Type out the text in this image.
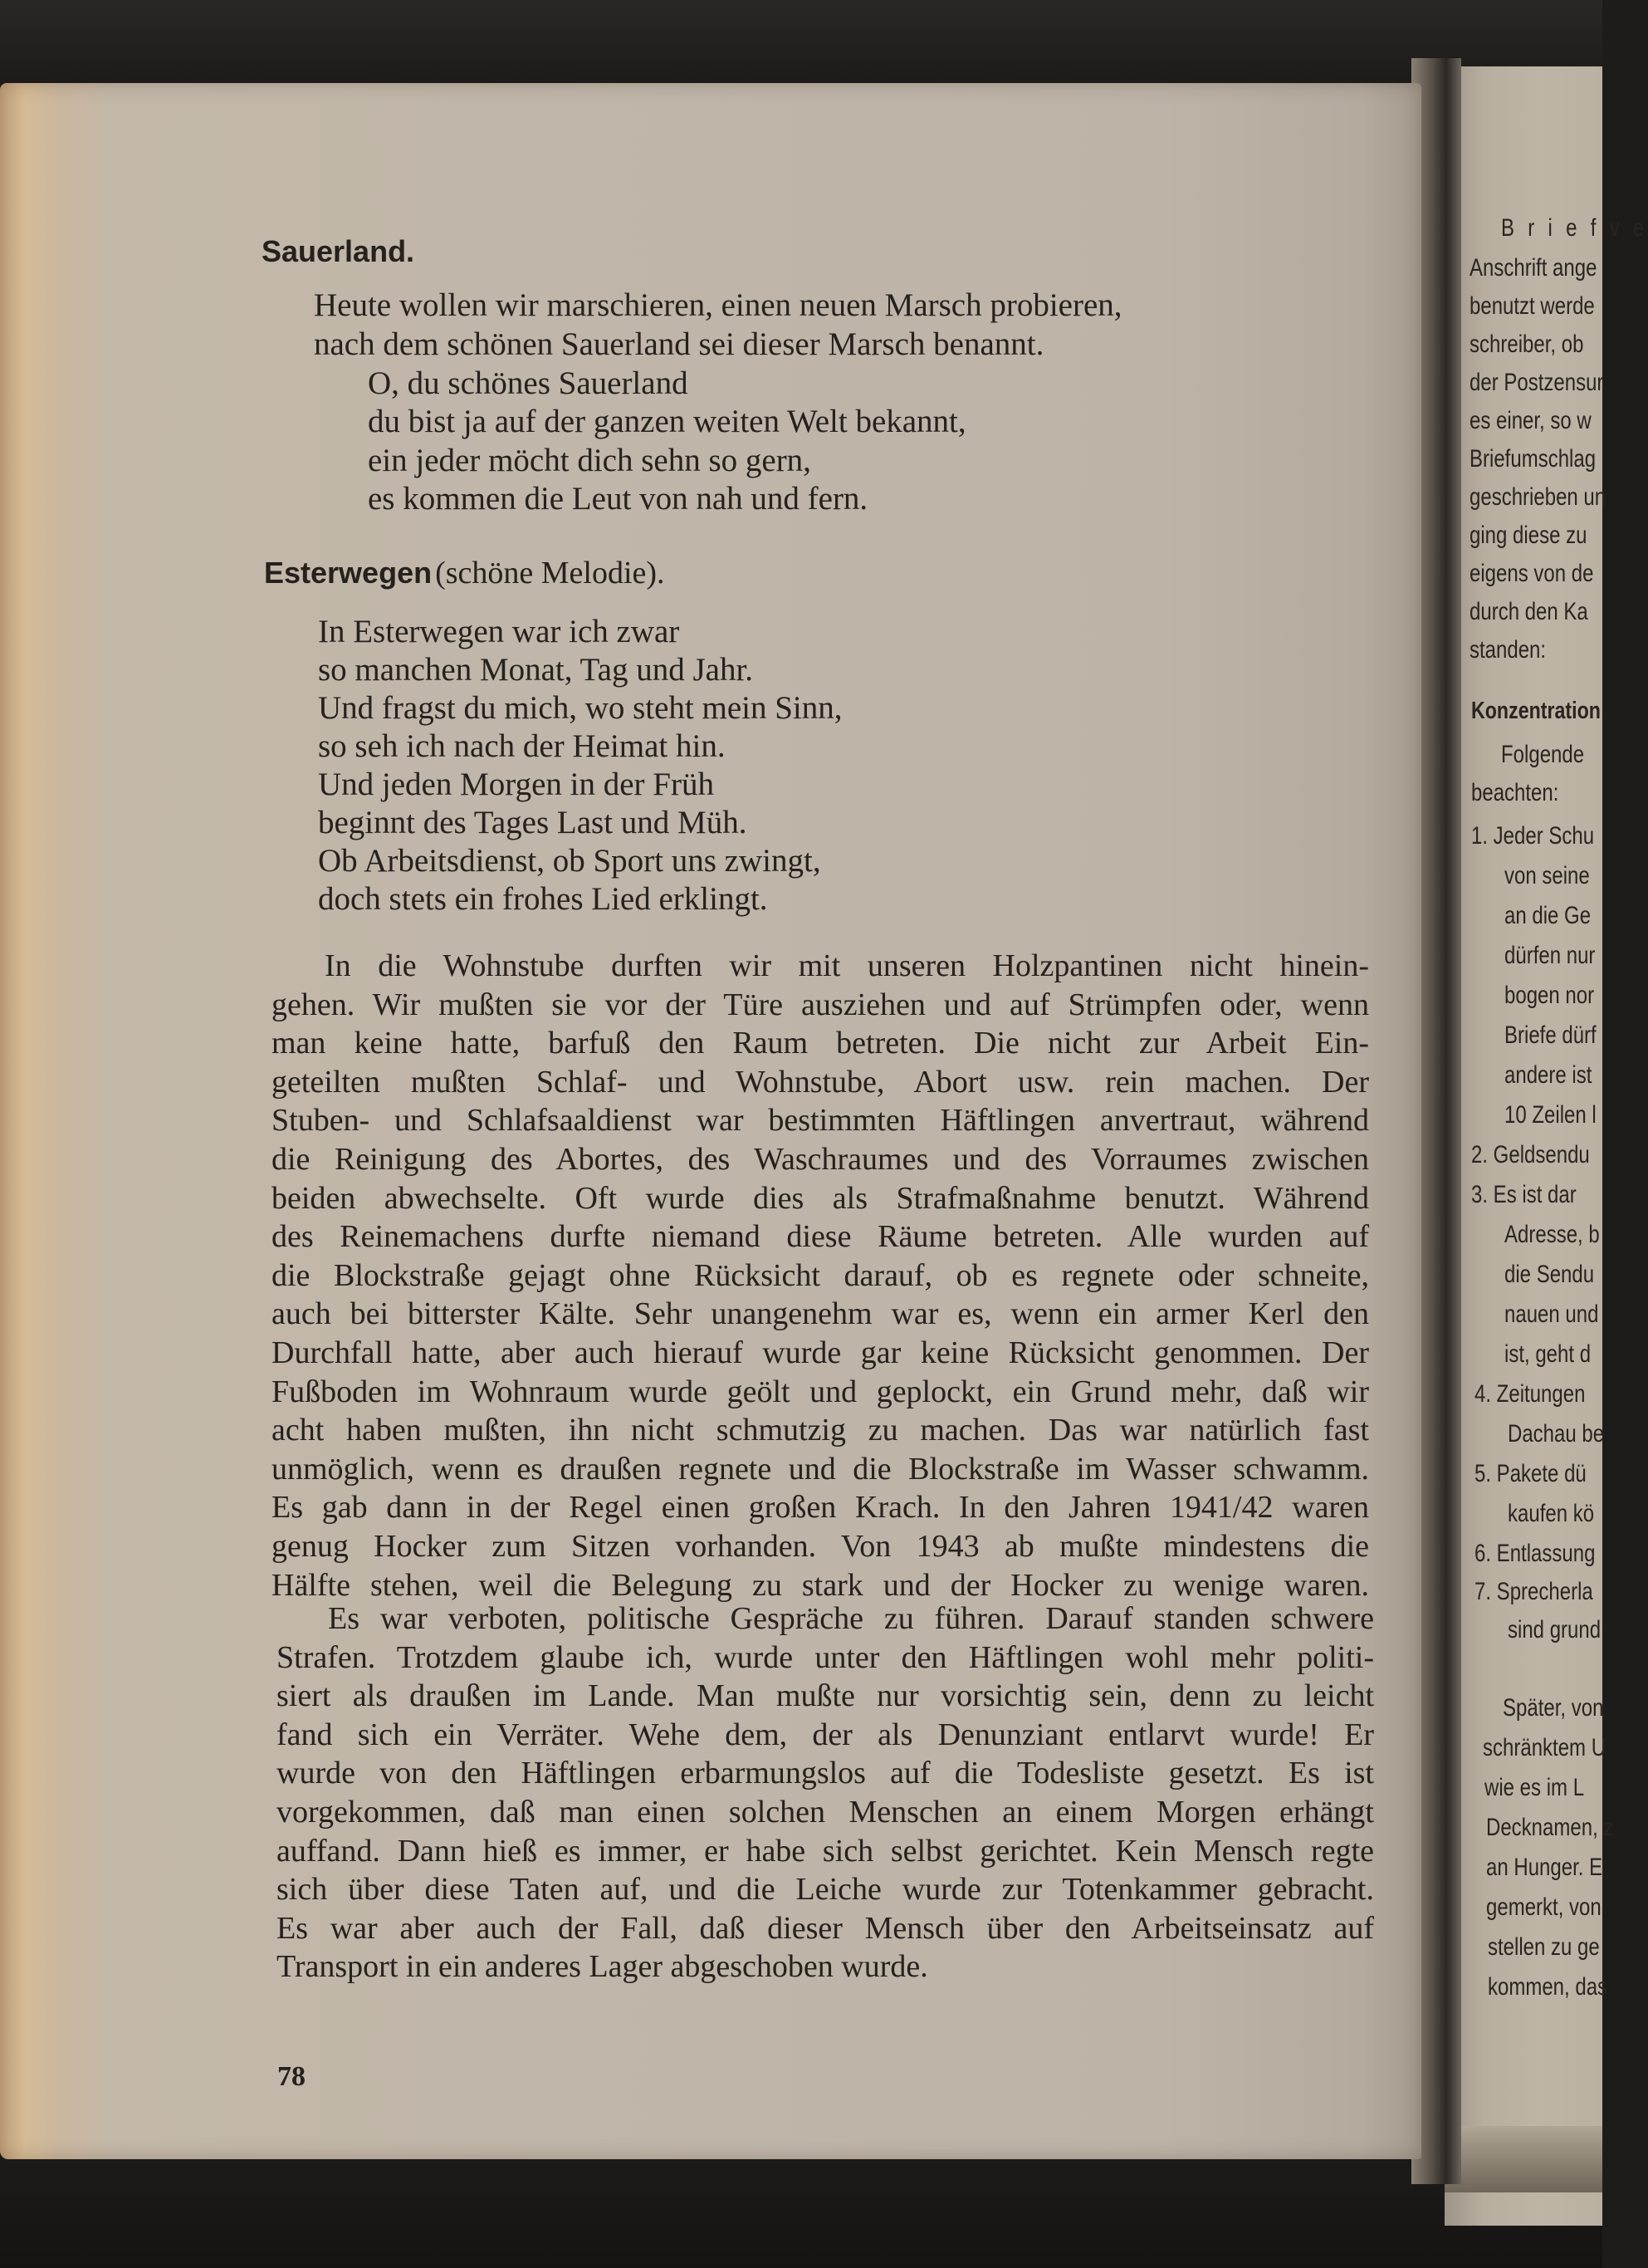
Sauerland.
Heute wollen wir marschieren, einen neuen Marsch probieren,
nach dem schönen Sauerland sei dieser Marsch benannt.
O, du schönes Sauerland
du bist ja auf der ganzen weiten Welt bekannt,
ein jeder möcht dich sehn so gern,
es kommen die Leut von nah und fern.
Esterwegen (schöne Melodie).
In Esterwegen war ich zwar
so manchen Monat, Tag und Jahr.
Und fragst du mich, wo steht mein Sinn,
so seh ich nach der Heimat hin.
Und jeden Morgen in der Früh
beginnt des Tages Last und Müh.
Ob Arbeitsdienst, ob Sport uns zwingt,
doch stets ein frohes Lied erklingt.
In die Wohnstube durften wir mit unseren Holzpantinen nicht hinein-
gehen. Wir mußten sie vor der Türe ausziehen und auf Strümpfen oder, wenn
man keine hatte, barfuß den Raum betreten. Die nicht zur Arbeit Ein-
geteilten mußten Schlaf- und Wohnstube, Abort usw. rein machen. Der
Stuben- und Schlafsaaldienst war bestimmten Häftlingen anvertraut, während
die Reinigung des Abortes, des Waschraumes und des Vorraumes zwischen
beiden abwechselte. Oft wurde dies als Strafmaßnahme benutzt. Während
des Reinemachens durfte niemand diese Räume betreten. Alle wurden auf
die Blockstraße gejagt ohne Rücksicht darauf, ob es regnete oder schneite,
auch bei bitterster Kälte. Sehr unangenehm war es, wenn ein armer Kerl den
Durchfall hatte, aber auch hierauf wurde gar keine Rücksicht genommen. Der
Fußboden im Wohnraum wurde geölt und geplockt, ein Grund mehr, daß wir
acht haben mußten, ihn nicht schmutzig zu machen. Das war natürlich fast
unmöglich, wenn es draußen regnete und die Blockstraße im Wasser schwamm.
Es gab dann in der Regel einen großen Krach. In den Jahren 1941/42 waren
genug Hocker zum Sitzen vorhanden. Von 1943 ab mußte mindestens die
Hälfte stehen, weil die Belegung zu stark und der Hocker zu wenige waren.
Es war verboten, politische Gespräche zu führen. Darauf standen schwere
Strafen. Trotzdem glaube ich, wurde unter den Häftlingen wohl mehr politi-
siert als draußen im Lande. Man mußte nur vorsichtig sein, denn zu leicht
fand sich ein Verräter. Wehe dem, der als Denunziant entlarvt wurde! Er
wurde von den Häftlingen erbarmungslos auf die Todesliste gesetzt. Es ist
vorgekommen, daß man einen solchen Menschen an einem Morgen erhängt
auffand. Dann hieß es immer, er habe sich selbst gerichtet. Kein Mensch regte
sich über diese Taten auf, und die Leiche wurde zur Totenkammer gebracht.
Es war aber auch der Fall, daß dieser Mensch über den Arbeitseinsatz auf
Transport in ein anderes Lager abgeschoben wurde.
78
B r i e f v e
Anschrift ange
benutzt werde
schreiber, ob
der Postzensur
es einer, so w
Briefumschlag
geschrieben un
ging diese zu
eigens von de
durch den Ka
standen:
Konzentration
Folgende
beachten:
1. Jeder Schu
von seine
an die Ge
dürfen nur
bogen nor
Briefe dürf
andere ist
10 Zeilen l
2. Geldsendu
3. Es ist dar
Adresse, b
die Sendu
nauen und
ist, geht d
4. Zeitungen
Dachau be
5. Pakete dü
kaufen kö
6. Entlassung
7. Sprecherla
sind grund
Später, von
schränktem U
wie es im L
Decknamen, z
an Hunger. E
gemerkt, von
stellen zu ge
kommen, das
